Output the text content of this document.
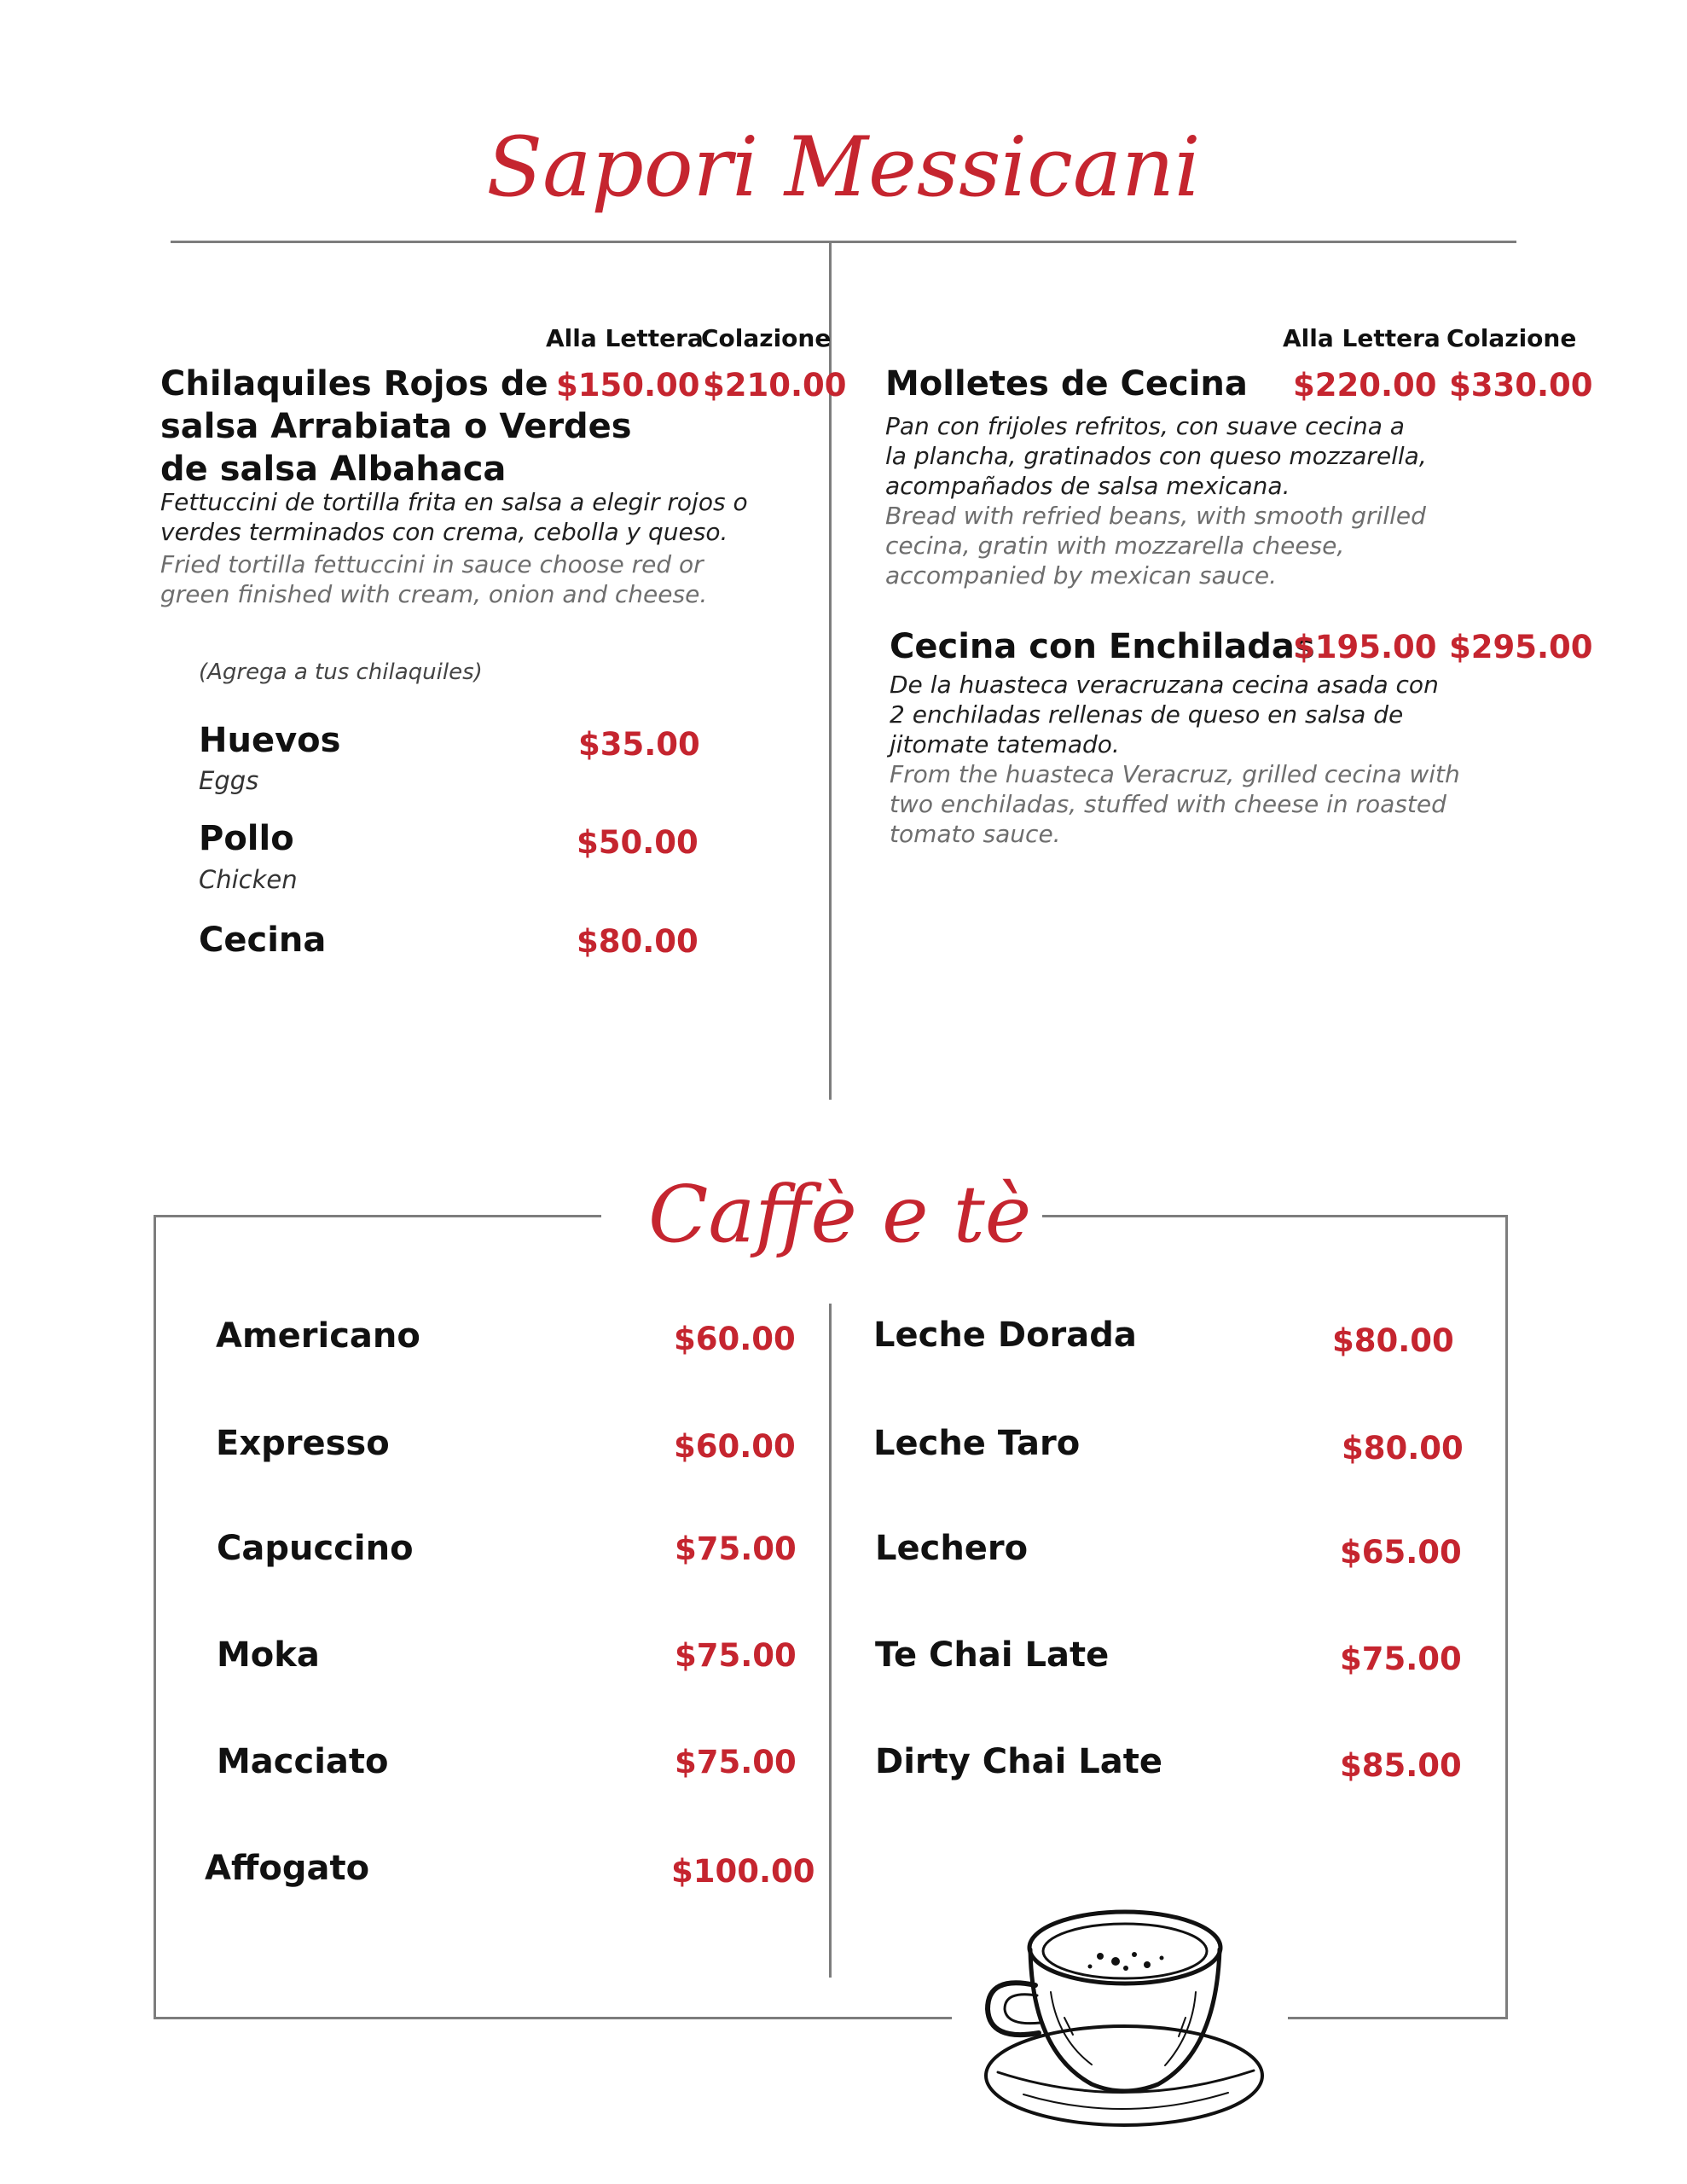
Sapori Messicani
Alla Lettera
Colazione
Chilaquiles Rojos de
salsa Arrabiata o Verdes
de salsa Albahaca
$150.00 $210.00
Fettuccini de tortilla frita en salsa a elegir rojos o
verdes terminados con crema, cebolla y queso.
Fried tortilla fettuccini in sauce choose red or
green finished with cream, onion and cheese.
(Agrega a tus chilaquiles)
Huevos
Eggs
$35.00
Pollo
Chicken
$50.00
Cecina	$80.00
Alla Lettera Colazione
Molletes de Cecina $220.00 $330.00
Pan con frijoles refritos, con suave cecina a
la plancha, gratinados con queso mozzarella,
acompañados de salsa mexicana.
Bread with refried beans, with smooth grilled
cecina, gratin with mozzarella cheese,
accompanied by mexican sauce.
Cecina con Enchiladas
$195.00 $295.00
De la huasteca veracruzana cecina asada con
2 enchiladas rellenas de queso en salsa de
jitomate tatemado.
From the huasteca Veracruz, grilled cecina with
two enchiladas, stuffed with cheese in roasted
tomato sauce.
Caffè e tè
Americano	$60.00
Expresso	$60.00
Capuccino	$75.00
Moka	$75.00
Macciato	$75.00
Affogato	$100.00
Leche Dorada	$80.00
Leche Taro	$80.00
Lechero	$65.00
Te Chai Late	$75.00
Dirty Chai Late	$85.00
